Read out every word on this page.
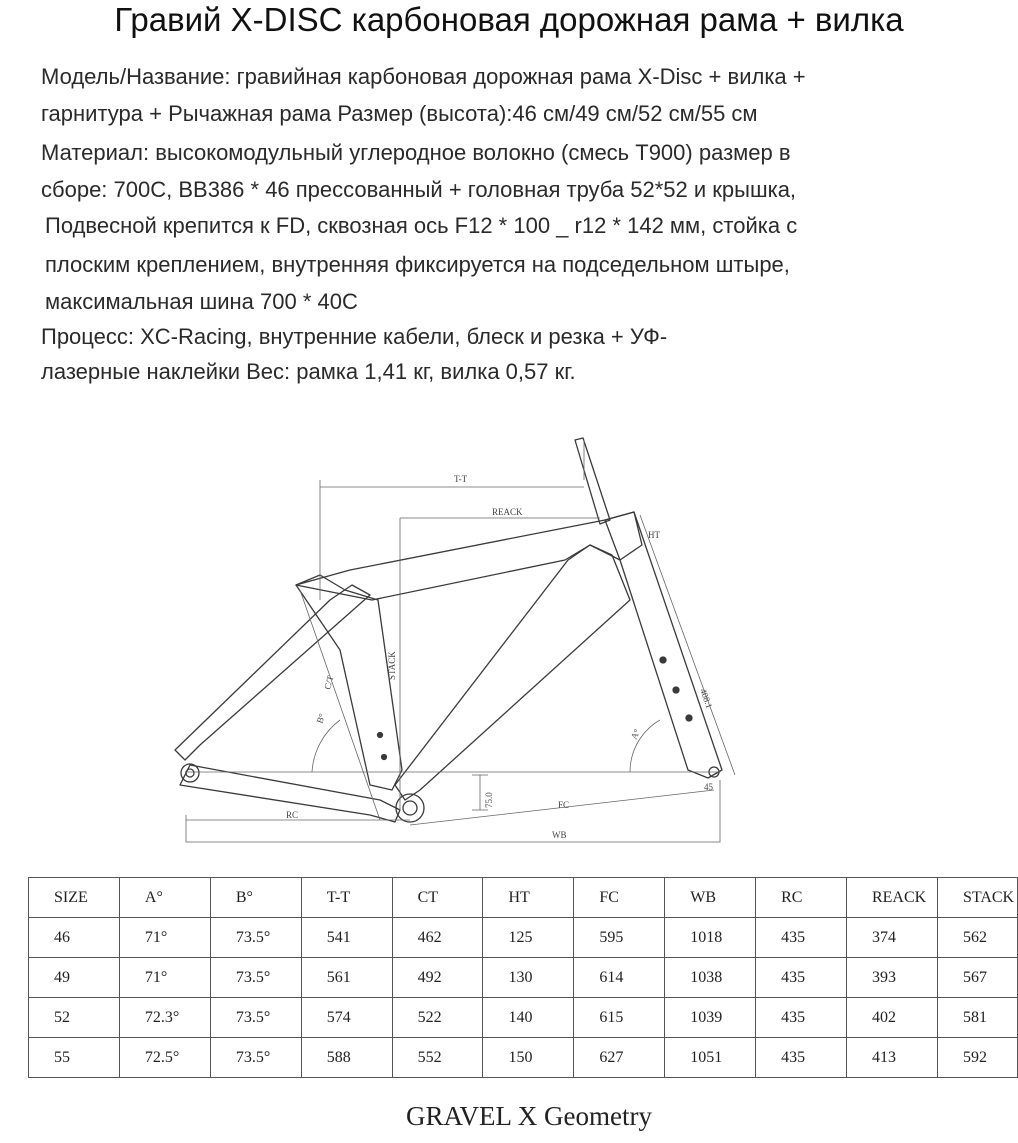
Гравий X-DISC карбоновая дорожная рама + вилка
Модель/Название: гравийная карбоновая дорожная рама X-Disc + вилка +
гарнитура + Рычажная рама Размер (высота):46 см/49 см/52 см/55 см
Материал: высокомодульный углеродное волокно (смесь T900) размер в
сборе: 700C, BB386 * 46 прессованный + головная труба 52*52 и крышка,
Подвесной крепится к FD, сквозная ось F12 * 100 _ r12 * 142 мм, стойка с
плоским креплением, внутренняя фиксируется на подседельном штыре,
максимальная шина 700 * 40C
Процесс: XC-Racing, внутренние кабели, блеск и резка + УФ-
лазерные наклейки Вес: рамка 1,41 кг, вилка 0,57 кг.
T-T
REACK
HT
STACK
C/T
B°
A°
408.1
75.0
RC
FC
WB
45
SIZE	A°	B°	T-T	CT	HT	FC	WB	RC	REACK	STACK
46	71°	73.5°	541	462	125	595	1018	435	374	562
49	71°	73.5°	561	492	130	614	1038	435	393	567
52	72.3°	73.5°	574	522	140	615	1039	435	402	581
55	72.5°	73.5°	588	552	150	627	1051	435	413	592
GRAVEL X Geometry
